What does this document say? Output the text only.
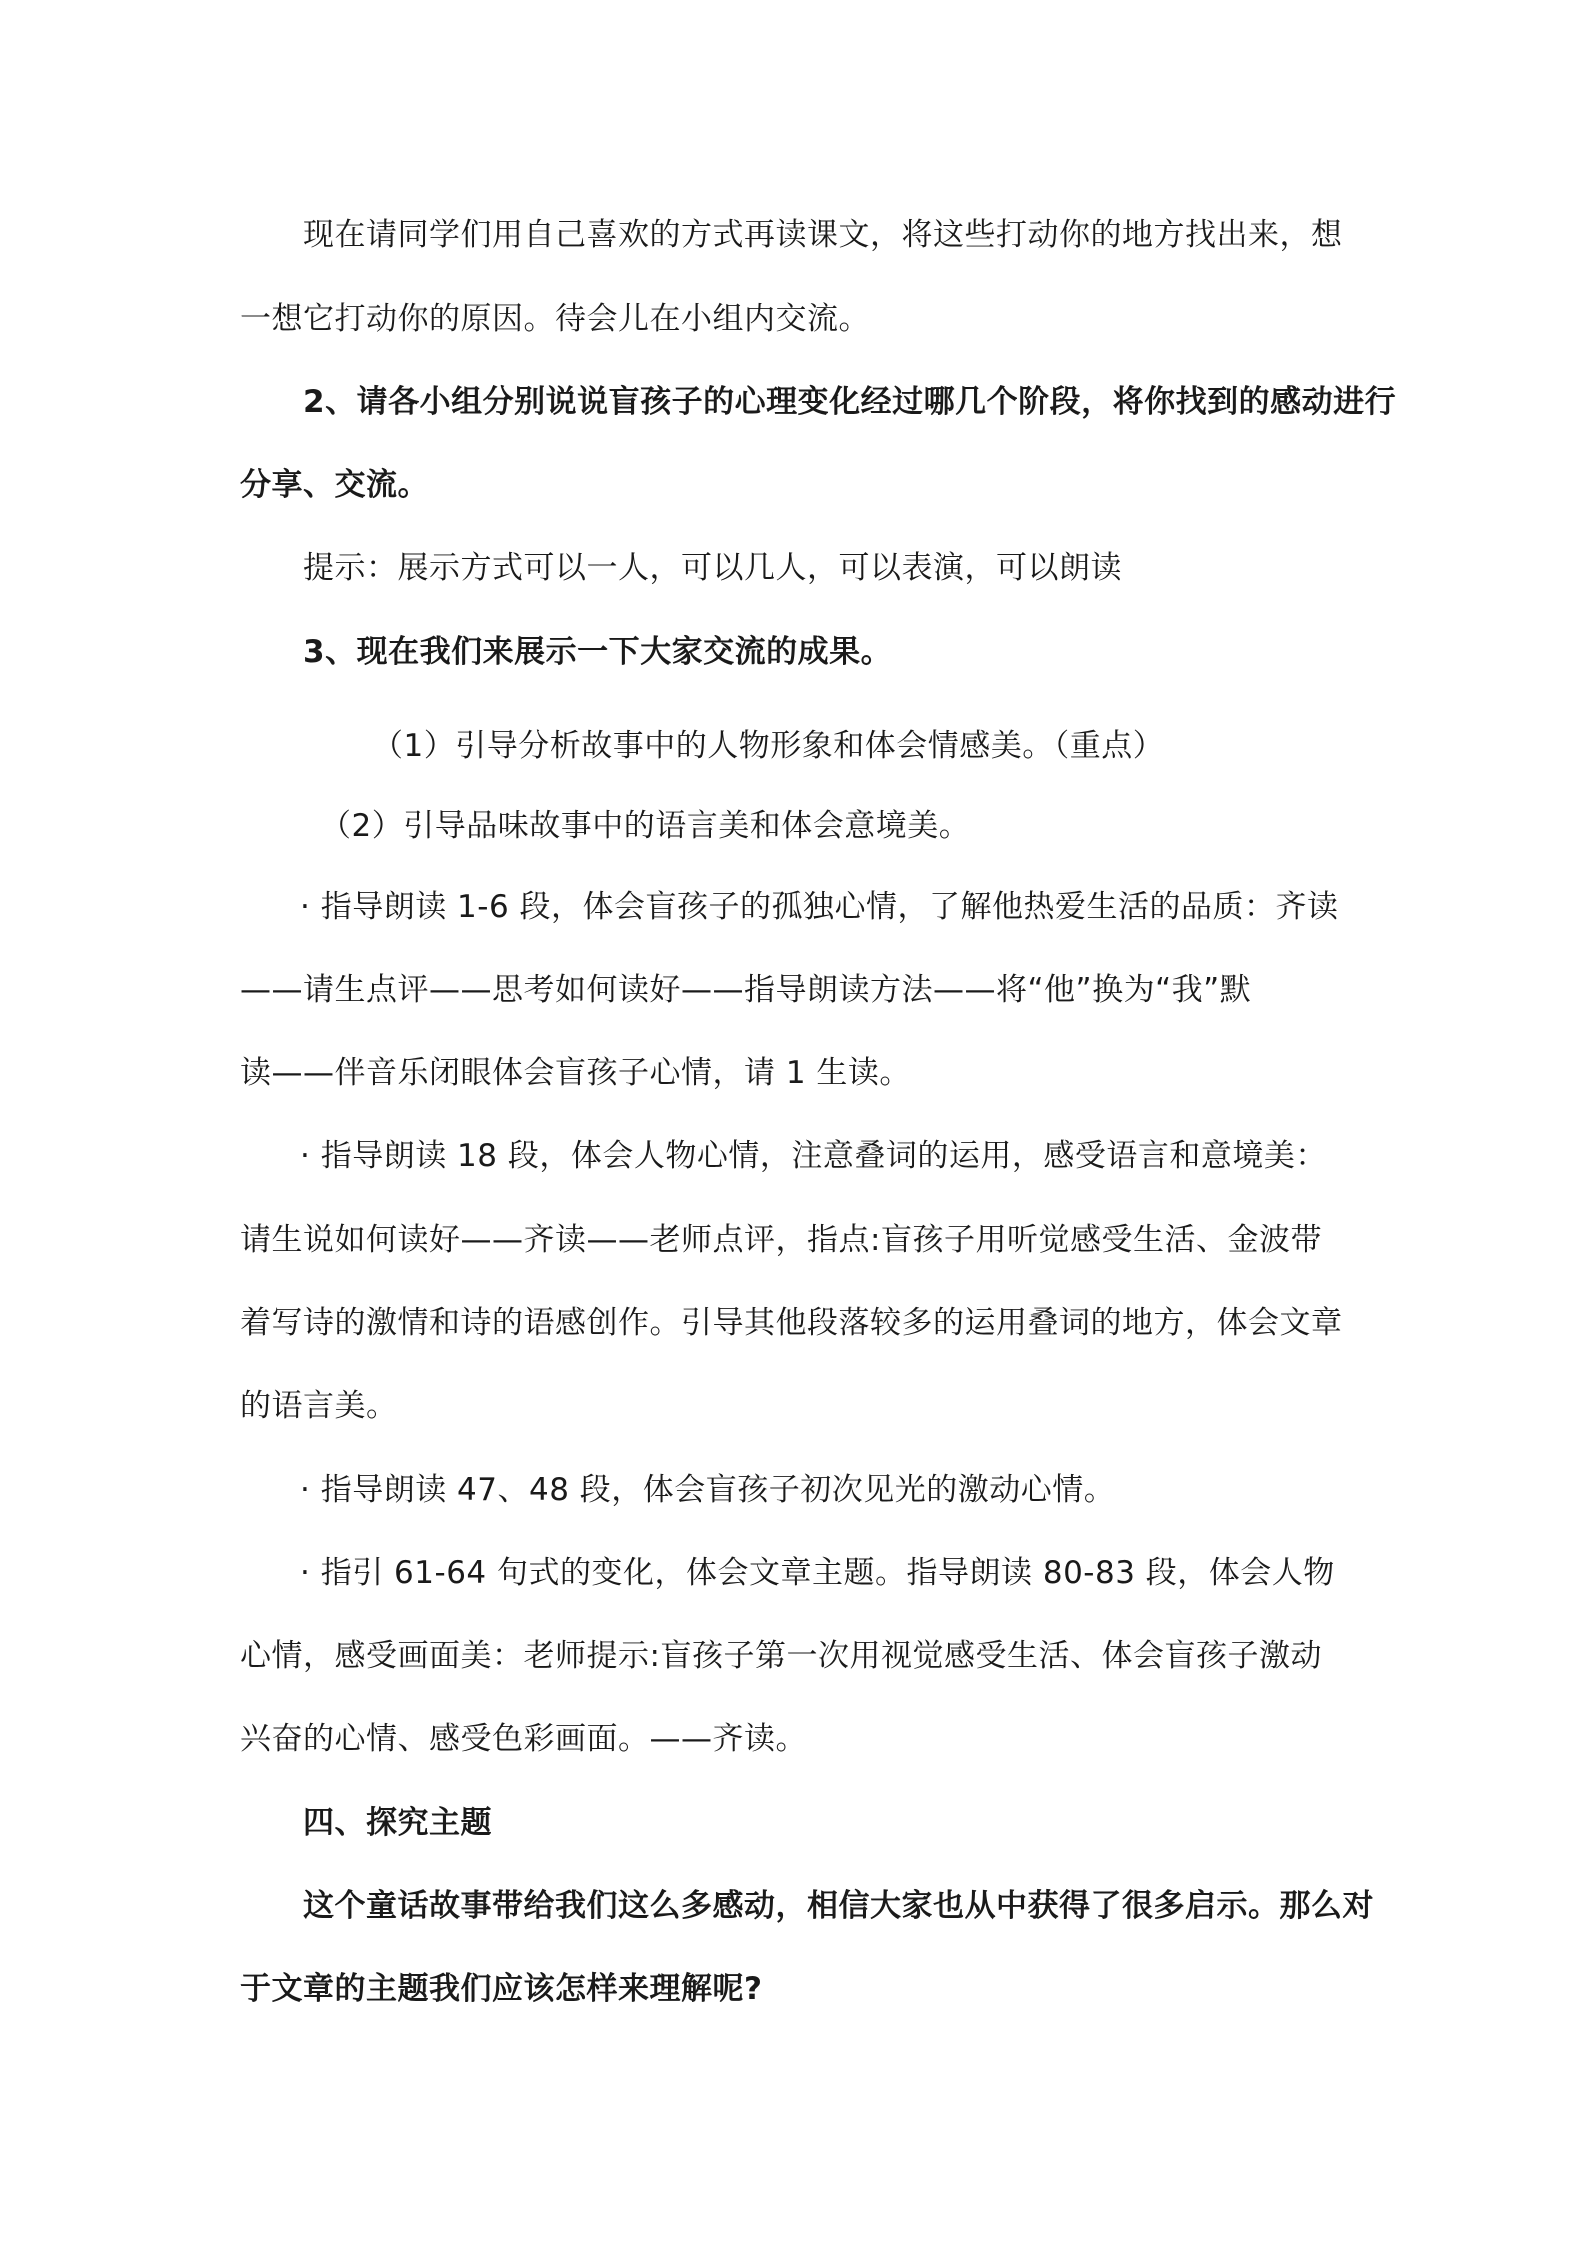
现在请同学们用自己喜欢的方式再读课文，将这些打动你的地方找出来，想
一想它打动你的原因。待会儿在小组内交流。
2、请各小组分别说说盲孩子的心理变化经过哪几个阶段，将你找到的感动进行
分享、交流。
提示：展示方式可以一人，可以几人，可以表演，可以朗读
3、现在我们来展示一下大家交流的成果。
（1）引导分析故事中的人物形象和体会情感美。（重点）
（2）引导品味故事中的语言美和体会意境美。
· 指导朗读 1-6 段，体会盲孩子的孤独心情，了解他热爱生活的品质：齐读
——请生点评——思考如何读好——指导朗读方法——将“他”换为“我”默
读——伴音乐闭眼体会盲孩子心情，请 1 生读。
· 指导朗读 18 段，体会人物心情，注意叠词的运用，感受语言和意境美：
请生说如何读好——齐读——老师点评，指点:盲孩子用听觉感受生活、金波带
着写诗的激情和诗的语感创作。引导其他段落较多的运用叠词的地方，体会文章
的语言美。
· 指导朗读 47、48 段，体会盲孩子初次见光的激动心情。
· 指引 61-64 句式的变化，体会文章主题。指导朗读 80-83 段，体会人物
心情，感受画面美：老师提示:盲孩子第一次用视觉感受生活、体会盲孩子激动
兴奋的心情、感受色彩画面。——齐读。
四、探究主题
这个童话故事带给我们这么多感动，相信大家也从中获得了很多启示。那么对
于文章的主题我们应该怎样来理解呢?
